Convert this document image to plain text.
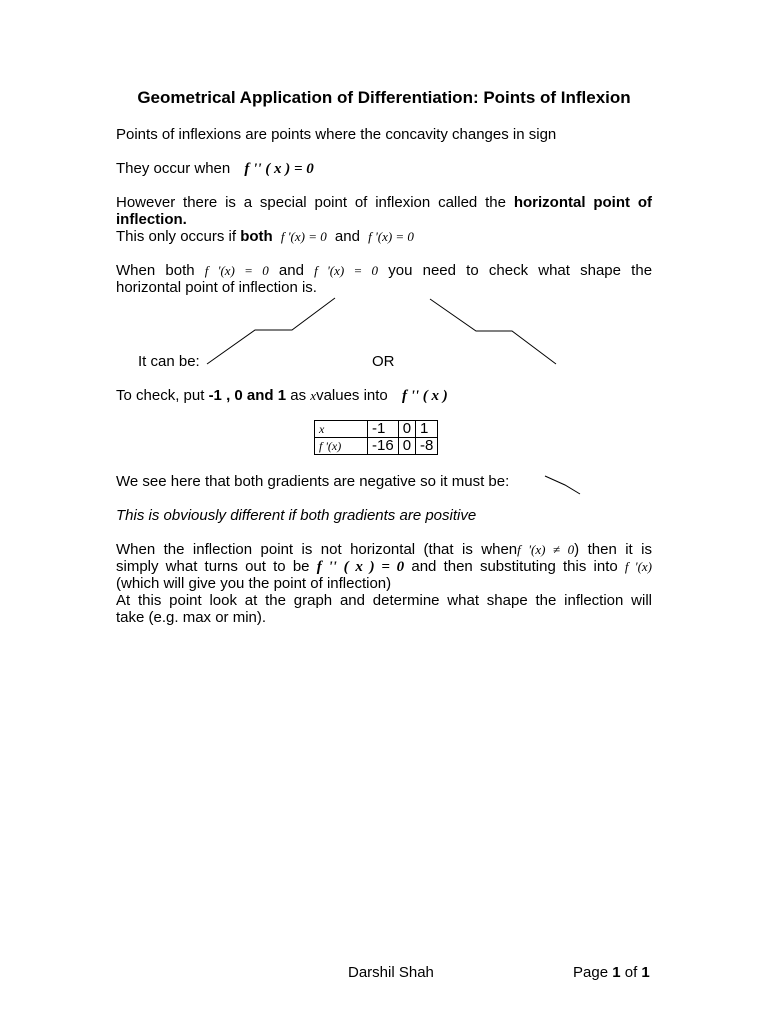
Geometrical Application of Differentiation: Points of Inflexion
Points of inflexions are points where the concavity changes in sign
They occur when f '' ( x ) = 0
However there is a special point of inflexion called the horizontal point of
inflection.
This only occurs if both f '(x) = 0 and f '(x) = 0
When both f '(x) = 0 and f '(x) = 0 you need to check what shape the
horizontal point of inflection is.
It can be:	OR
To check, put -1 , 0 and 1 as xvalues into f '' ( x )
x	-1	0	1
f '(x)	-16	0	-8
We see here that both gradients are negative so it must be:
This is obviously different if both gradients are positive
When the inflection point is not horizontal (that is whenf '(x) ≠ 0) then it is
simply what turns out to be f '' ( x ) = 0 and then substituting this into f '(x)
(which will give you the point of inflection)
At this point look at the graph and determine what shape the inflection will
take (e.g. max or min).
Darshil Shah	Page 1 of 1
